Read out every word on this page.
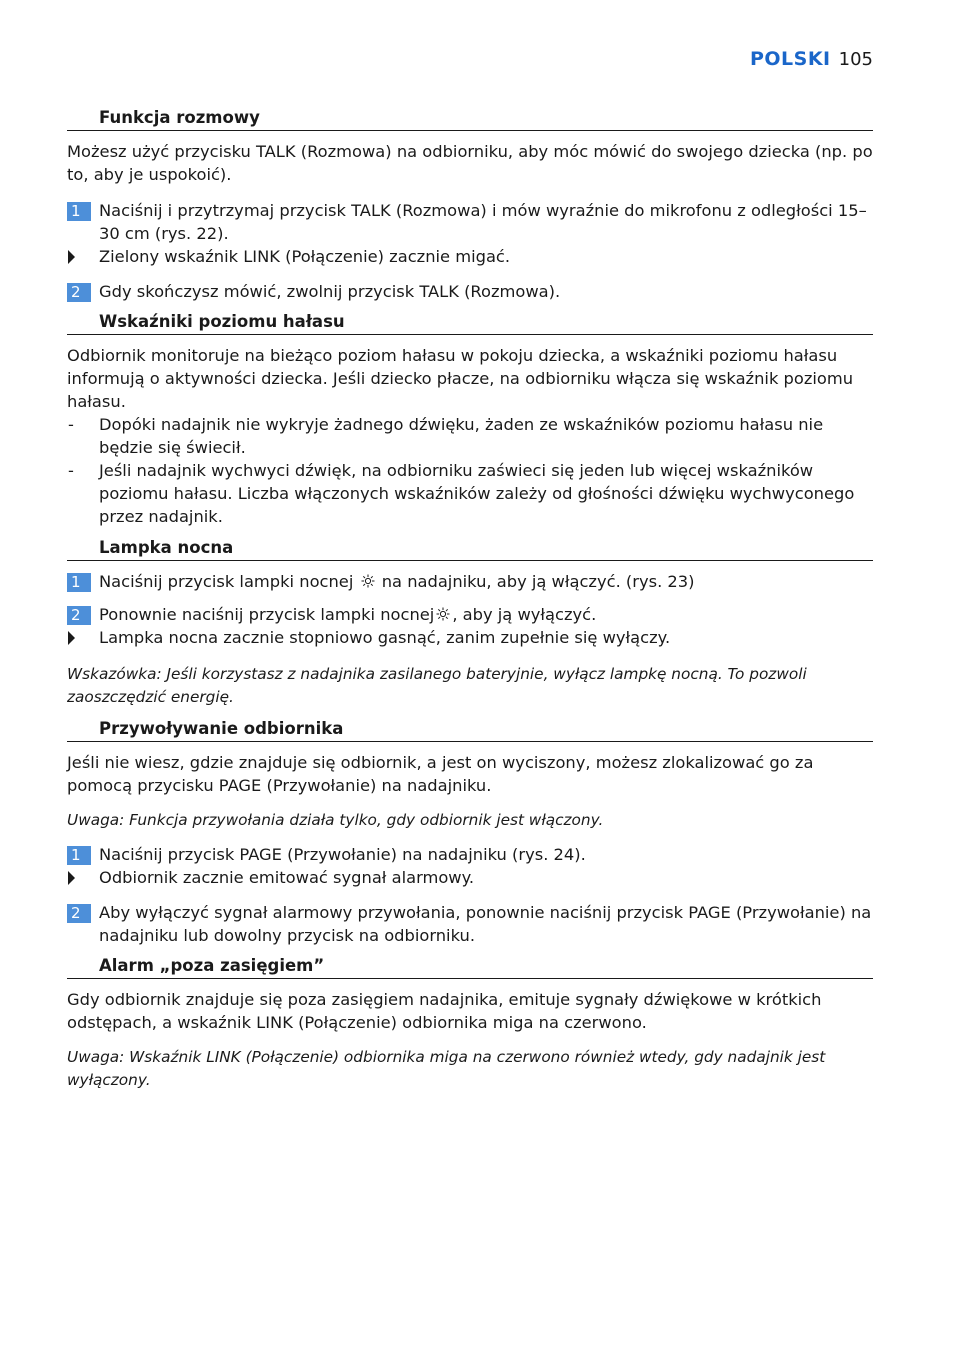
POLSKI 105
Funkcja rozmowy

Możesz użyć przycisku TALK (Rozmowa) na odbiorniku, aby móc mówić do swojego dziecka (np. po to, aby je uspokoić).

1	Naciśnij i przytrzymaj przycisk TALK (Rozmowa) i mów wyraźnie do mikrofonu z odległości 15–30 cm (rys. 22).
Zielony wskaźnik LINK (Połączenie) zacznie migać.
2	Gdy skończysz mówić, zwolnij przycisk TALK (Rozmowa).
Wskaźniki poziomu hałasu

Odbiornik monitoruje na bieżąco poziom hałasu w pokoju dziecka, a wskaźniki poziomu hałasu informują o aktywności dziecka. Jeśli dziecko płacze, na odbiorniku włącza się wskaźnik poziomu hałasu.

-	Dopóki nadajnik nie wykryje żadnego dźwięku, żaden ze wskaźników poziomu hałasu nie będzie się świecił.
-	Jeśli nadajnik wychwyci dźwięk, na odbiorniku zaświeci się jeden lub więcej wskaźników poziomu hałasu. Liczba włączonych wskaźników zależy od głośności dźwięku wychwyconego przez nadajnik.
Lampka nocna
1	Naciśnij przycisk lampki nocnej na nadajniku, aby ją włączyć. (rys. 23)
2	Ponownie naciśnij przycisk lampki nocnej , aby ją wyłączyć.
Lampka nocna zacznie stopniowo gasnąć, zanim zupełnie się wyłączy.

Wskazówka: Jeśli korzystasz z nadajnika zasilanego bateryjnie, wyłącz lampkę nocną. To pozwoli zaoszczędzić energię.

Przywoływanie odbiornika

Jeśli nie wiesz, gdzie znajduje się odbiornik, a jest on wyciszony, możesz zlokalizować go za pomocą przycisku PAGE (Przywołanie) na nadajniku.

Uwaga: Funkcja przywołania działa tylko, gdy odbiornik jest włączony.

1	Naciśnij przycisk PAGE (Przywołanie) na nadajniku (rys. 24).
Odbiornik zacznie emitować sygnał alarmowy.
2	Aby wyłączyć sygnał alarmowy przywołania, ponownie naciśnij przycisk PAGE (Przywołanie) na nadajniku lub dowolny przycisk na odbiorniku.
Alarm „poza zasięgiem”

Gdy odbiornik znajduje się poza zasięgiem nadajnika, emituje sygnały dźwiękowe w krótkich odstępach, a wskaźnik LINK (Połączenie) odbiornika miga na czerwono.

Uwaga: Wskaźnik LINK (Połączenie) odbiornika miga na czerwono również wtedy, gdy nadajnik jest wyłączony.
